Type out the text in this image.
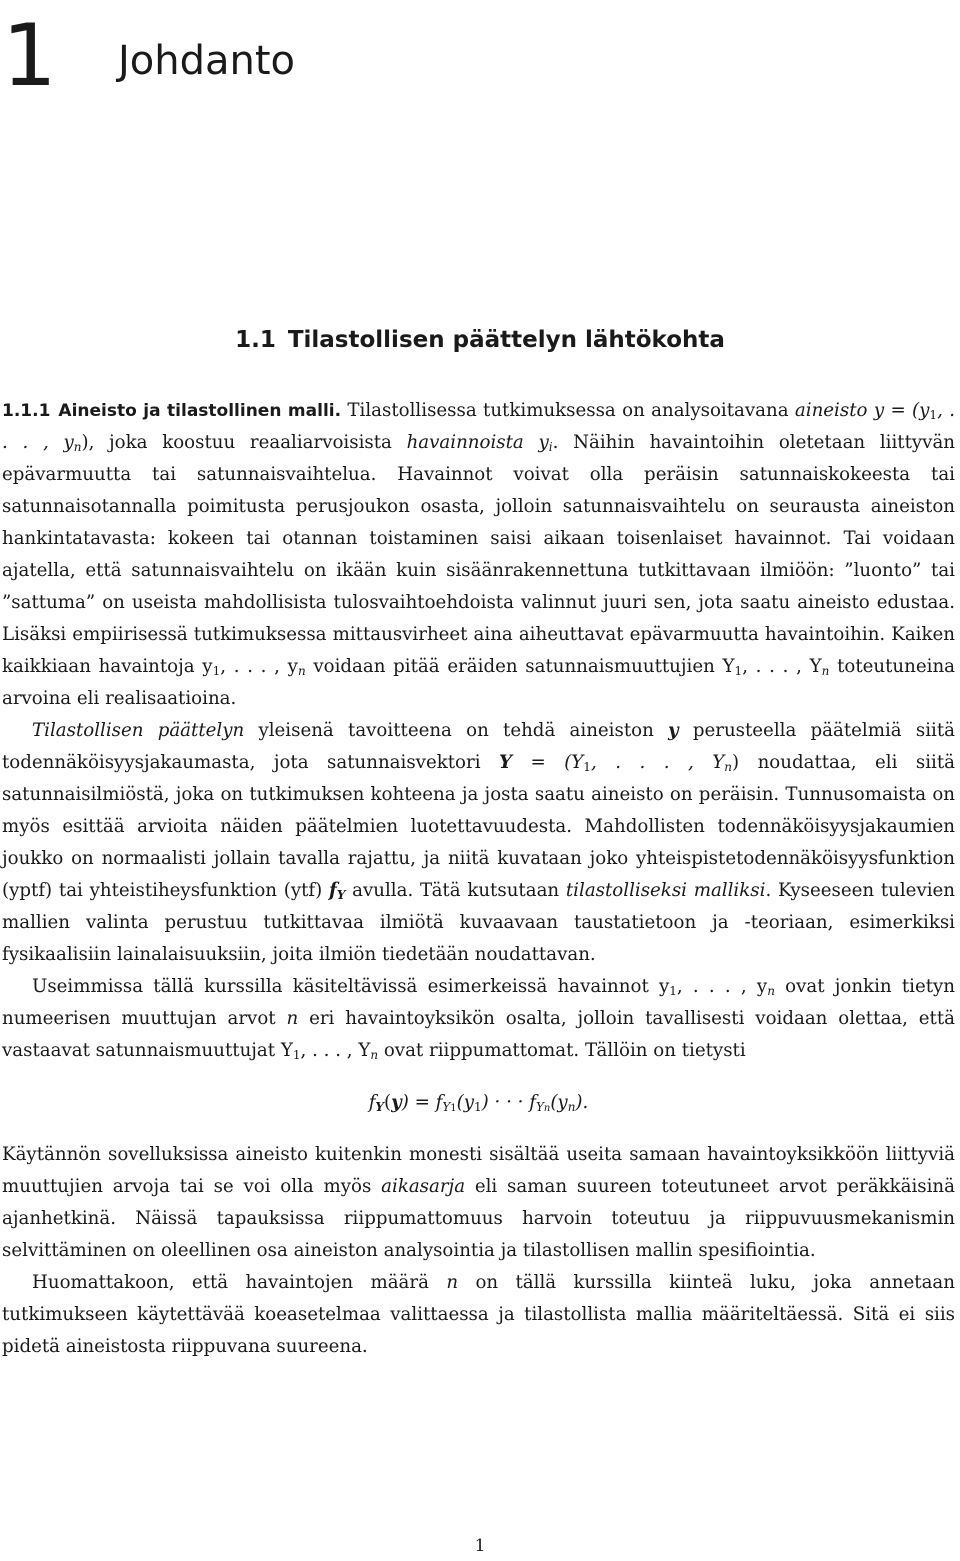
1 Johdanto
1.1 Tilastollisen päättelyn lähtökohta

1.1.1 Aineisto ja tilastollinen malli. Tilastollisessa tutkimuksessa on analysoitavana aineisto $y = (y_1$, . . . , $y_n$), joka koostuu reaaliarvoisista havainnoista $y_i$. Näihin havaintoihin oletetaan liittyvän epävarmuutta tai satunnaisvaihtelua. Havainnot voivat olla peräisin satunnaiskokeesta tai satunnaisotannalla poimitusta perusjoukon osasta, jolloin satunnaisvaihtelu on seurausta aineiston hankintatavasta: kokeen tai otannan toistaminen saisi aikaan toisenlaiset havainnot. Tai voidaan ajatella, että satunnaisvaihtelu on ikään kuin sisäänrakennettuna tutkittavaan ilmiöön: ”luonto” tai ”sattuma” on useista mahdollisista tulosvaihtoehdoista valinnut juuri sen, jota saatu aineisto edustaa. Lisäksi empiirisessä tutkimuksessa mittausvirheet aina aiheuttavat epävarmuutta havaintoihin. Kaiken kaikkiaan havaintoja $y_1$, . . . , $y_n$ voidaan pitää eräiden satunnaismuuttujien $Y_1$, . . . , $Y_n$ toteutuneina arvoina eli realisaatioina.

Tilastollisen päättelyn yleisenä tavoitteena on tehdä aineiston y perusteella päätelmiä siitä todennäköisyysjakaumasta, jota satunnaisvektori $Y = (Y_1$, . . . , $Y_n$) noudattaa, eli siitä satunnaisilmiöstä, joka on tutkimuksen kohteena ja josta saatu aineisto on peräisin. Tunnusomaista on myös esittää arvioita näiden päätelmien luotettavuudesta. Mahdollisten todennäköisyysjakaumien joukko on normaalisti jollain tavalla rajattu, ja niitä kuvataan joko yhteispistetodennäköisyysfunktion (yptf) tai yhteistiheysfunktion (ytf) $f_Y$ avulla. Tätä kutsutaan tilastolliseksi malliksi. Kyseeseen tulevien mallien valinta perustuu tutkittavaa ilmiötä kuvaavaan taustatietoon ja -teoriaan, esimerkiksi fysikaalisiin lainalaisuuksiin, joita ilmiön tiedetään noudattavan.

Useimmissa tällä kurssilla käsiteltävissä esimerkeissä havainnot $y_1$, . . . , $y_n$ ovat jonkin tietyn numeerisen muuttujan arvot n eri havaintoyksikön osalta, jolloin tavallisesti voidaan olettaa, että vastaavat satunnaismuuttujat $Y_1$, . . . , $Y_n$ ovat riippumattomat. Tällöin on tietysti

$f_Y(y) = f_{Y1}(y_1)$ · · · $f_{Yn}(y_n)$.

Käytännön sovelluksissa aineisto kuitenkin monesti sisältää useita samaan havaintoyksikköön liittyviä muuttujien arvoja tai se voi olla myös aikasarja eli saman suureen toteutuneet arvot peräkkäisinä ajanhetkinä. Näissä tapauksissa riippumattomuus harvoin toteutuu ja riippuvuusmekanismin selvittäminen on oleellinen osa aineiston analysointia ja tilastollisen mallin spesifiointia.

Huomattakoon, että havaintojen määrä n on tällä kurssilla kiinteä luku, joka annetaan tutkimukseen käytettävää koeasetelmaa valittaessa ja tilastollista mallia määriteltäessä. Sitä ei siis pidetä aineistosta riippuvana suureena.

1
